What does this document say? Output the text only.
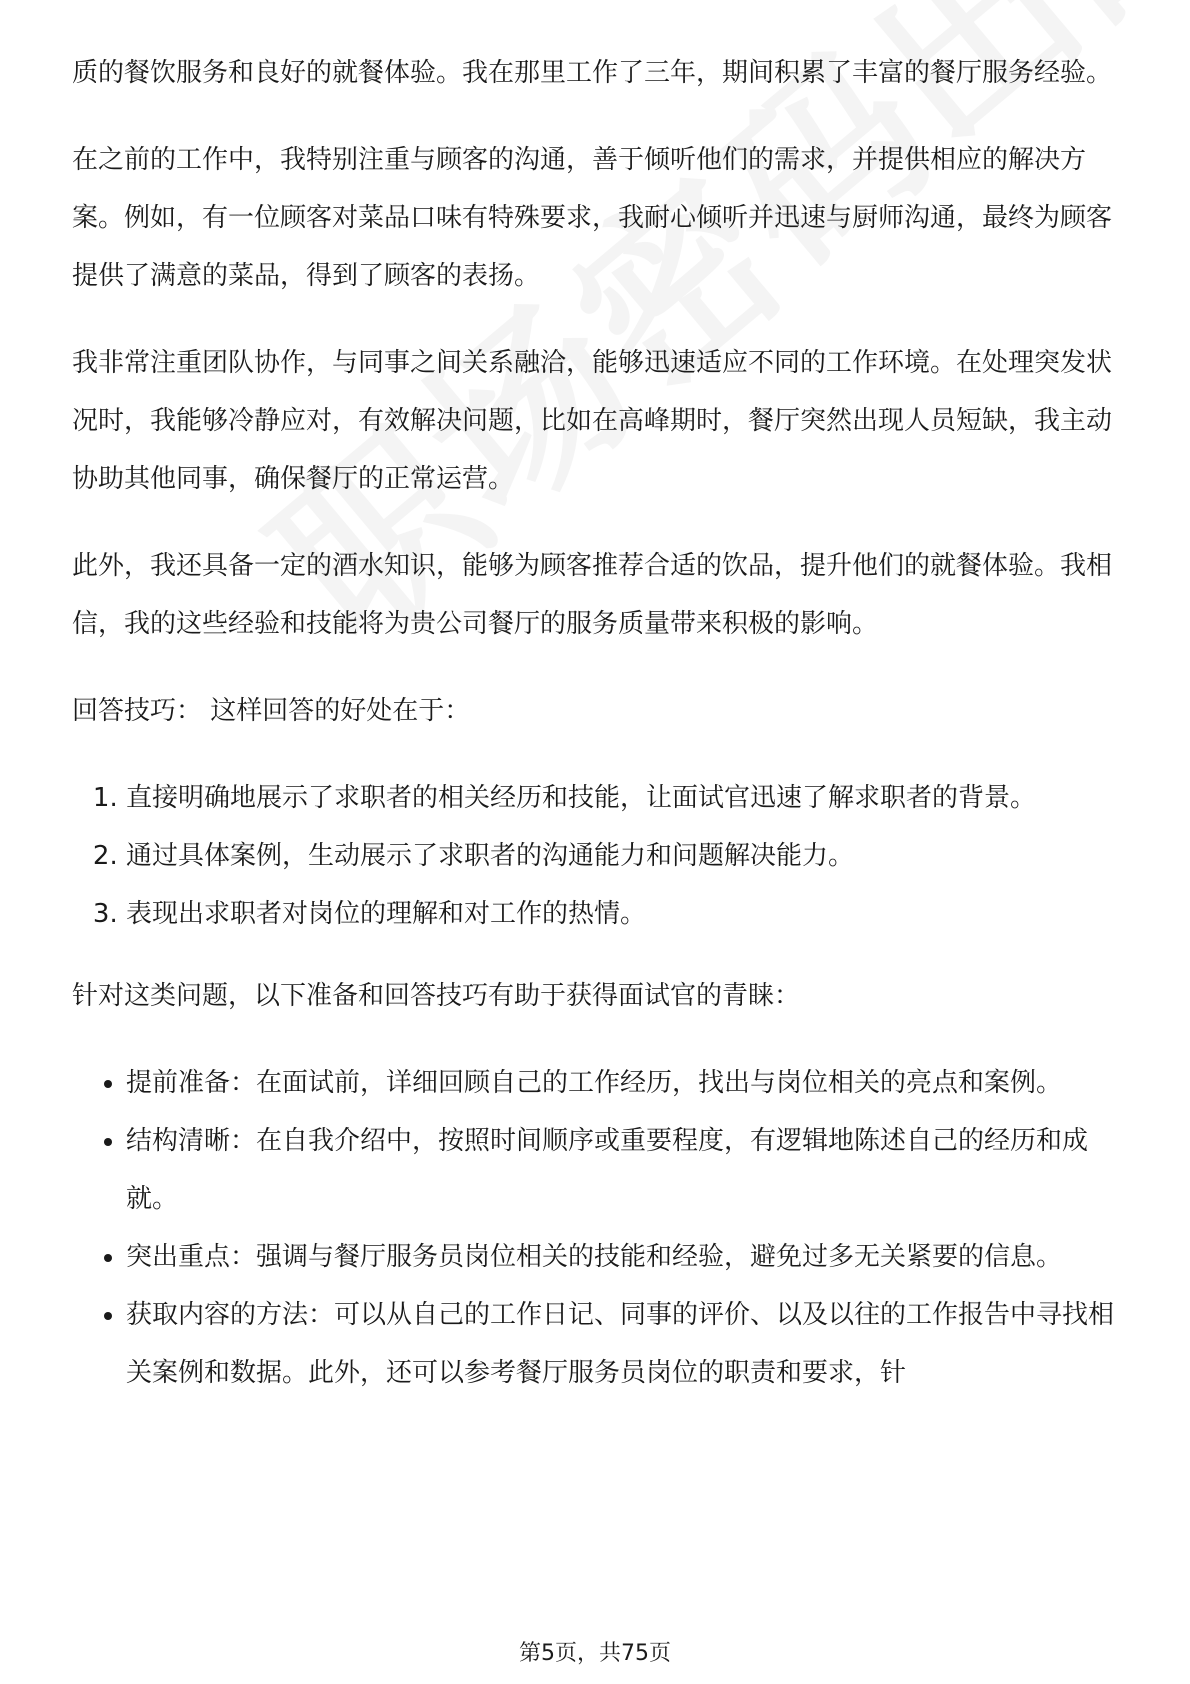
质的餐饮服务和良好的就餐体验。我在那里工作了三年，期间积累了丰富的餐厅服务经验。

在之前的工作中，我特别注重与顾客的沟通，善于倾听他们的需求，并提供相应的解决方案。例如，有一位顾客对菜品口味有特殊要求，我耐心倾听并迅速与厨师沟通，最终为顾客提供了满意的菜品，得到了顾客的表扬。

我非常注重团队协作，与同事之间关系融洽，能够迅速适应不同的工作环境。在处理突发状况时，我能够冷静应对，有效解决问题，比如在高峰期时，餐厅突然出现人员短缺，我主动协助其他同事，确保餐厅的正常运营。

此外，我还具备一定的酒水知识，能够为顾客推荐合适的饮品，提升他们的就餐体验。我相信，我的这些经验和技能将为贵公司餐厅的服务质量带来积极的影响。

回答技巧： 这样回答的好处在于：

1. 直接明确地展示了求职者的相关经历和技能，让面试官迅速了解求职者的背景。
2. 通过具体案例，生动展示了求职者的沟通能力和问题解决能力。
3. 表现出求职者对岗位的理解和对工作的热情。

针对这类问题，以下准备和回答技巧有助于获得面试官的青睐：

• 提前准备：在面试前，详细回顾自己的工作经历，找出与岗位相关的亮点和案例。
• 结构清晰：在自我介绍中，按照时间顺序或重要程度，有逻辑地陈述自己的经历和成就。
• 突出重点：强调与餐厅服务员岗位相关的技能和经验，避免过多无关紧要的信息。
• 获取内容的方法：可以从自己的工作日记、同事的评价、以及以往的工作报告中寻找相关案例和数据。此外，还可以参考餐厅服务员岗位的职责和要求，针
第5页，共75页
